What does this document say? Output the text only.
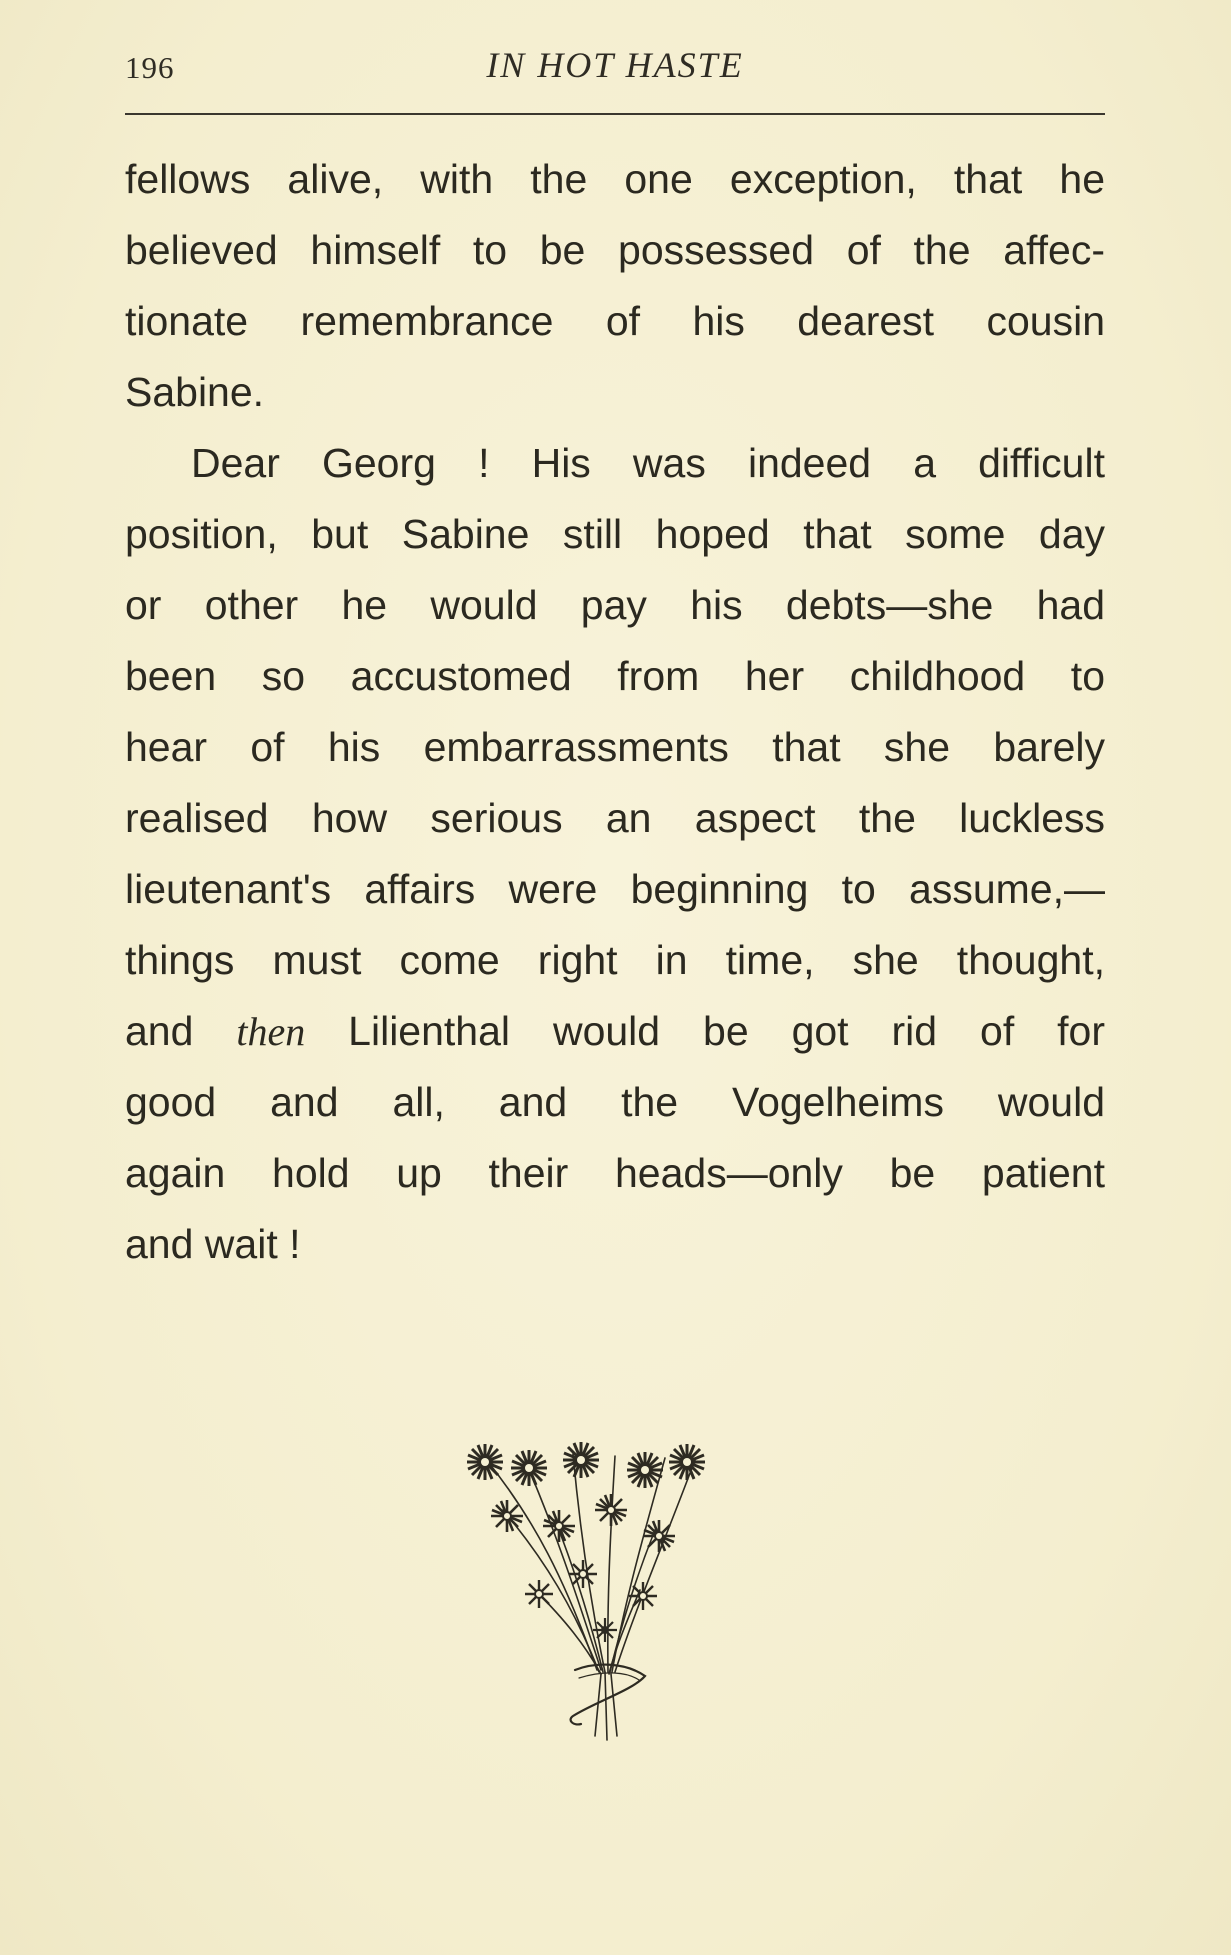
196	IN HOT HASTE
fellows alive, with the one exception, that he
believed himself to be possessed of the affec-
tionate remembrance of his dearest cousin
Sabine.
Dear Georg ! His was indeed a difficult
position, but Sabine still hoped that some day
or other he would pay his debts—she had
been so accustomed from her childhood to
hear of his embarrassments that she barely
realised how serious an aspect the luckless
lieutenant's affairs were beginning to assume,—
things must come right in time, she thought,
and then Lilienthal would be got rid of for
good and all, and the Vogelheims would
again hold up their heads—only be patient
and wait !
